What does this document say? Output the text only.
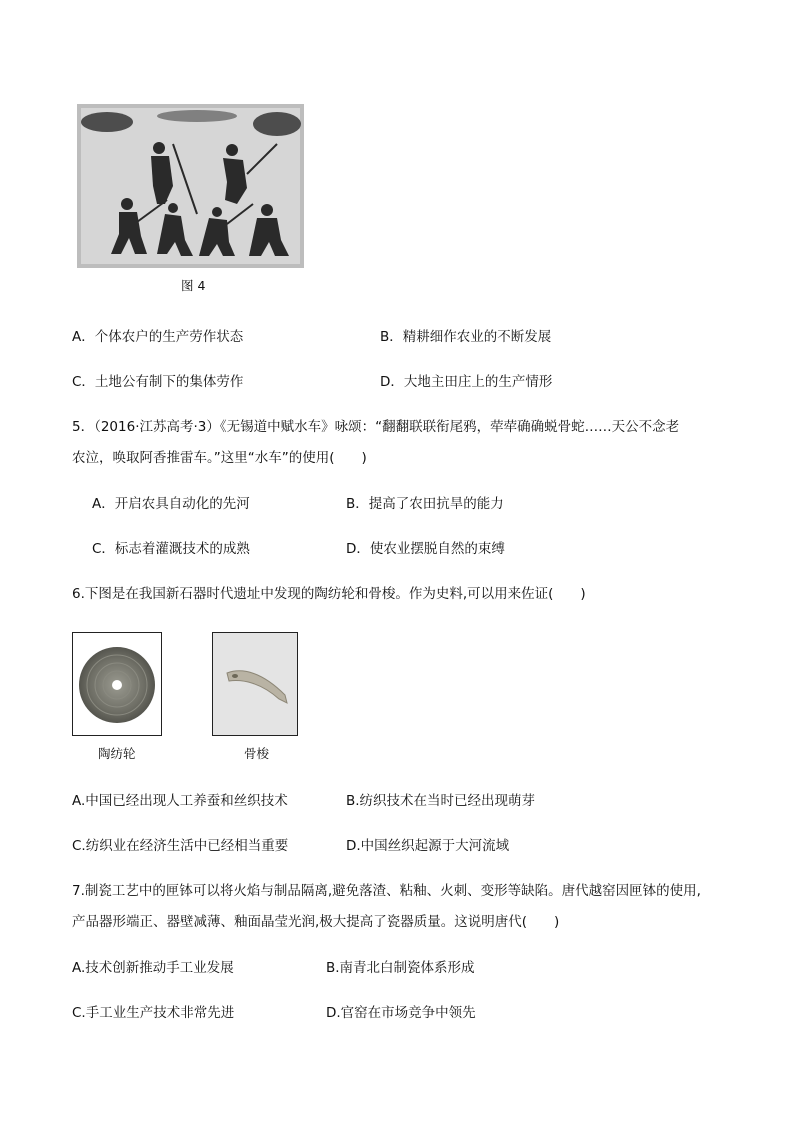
图 4
A．个体农户的生产劳作状态	B．精耕细作农业的不断发展
C．土地公有制下的集体劳作	D．大地主田庄上的生产情形
5．（2016·江苏高考·3）《无锡道中赋水车》咏颂：“翻翻联联衔尾鸦，荦荦确确蜕骨蛇……天公不念老
农泣，唤取阿香推雷车。”这里“水车”的使用(　　)
A．开启农具自动化的先河	B．提高了农田抗旱的能力
C．标志着灌溉技术的成熟	D．使农业摆脱自然的束缚
6.下图是在我国新石器时代遗址中发现的陶纺轮和骨梭。作为史料,可以用来佐证(　　)
陶纺轮	骨梭
A.中国已经出现人工养蚕和丝织技术	B.纺织技术在当时已经出现萌芽
C.纺织业在经济生活中已经相当重要	D.中国丝织起源于大河流域
7.制瓷工艺中的匣钵可以将火焰与制品隔离,避免落渣、粘釉、火刺、变形等缺陷。唐代越窑因匣钵的使用,
产品器形端正、器壁减薄、釉面晶莹光润,极大提高了瓷器质量。这说明唐代(　　)
A.技术创新推动手工业发展	B.南青北白制瓷体系形成
C.手工业生产技术非常先进	D.官窑在市场竞争中领先
